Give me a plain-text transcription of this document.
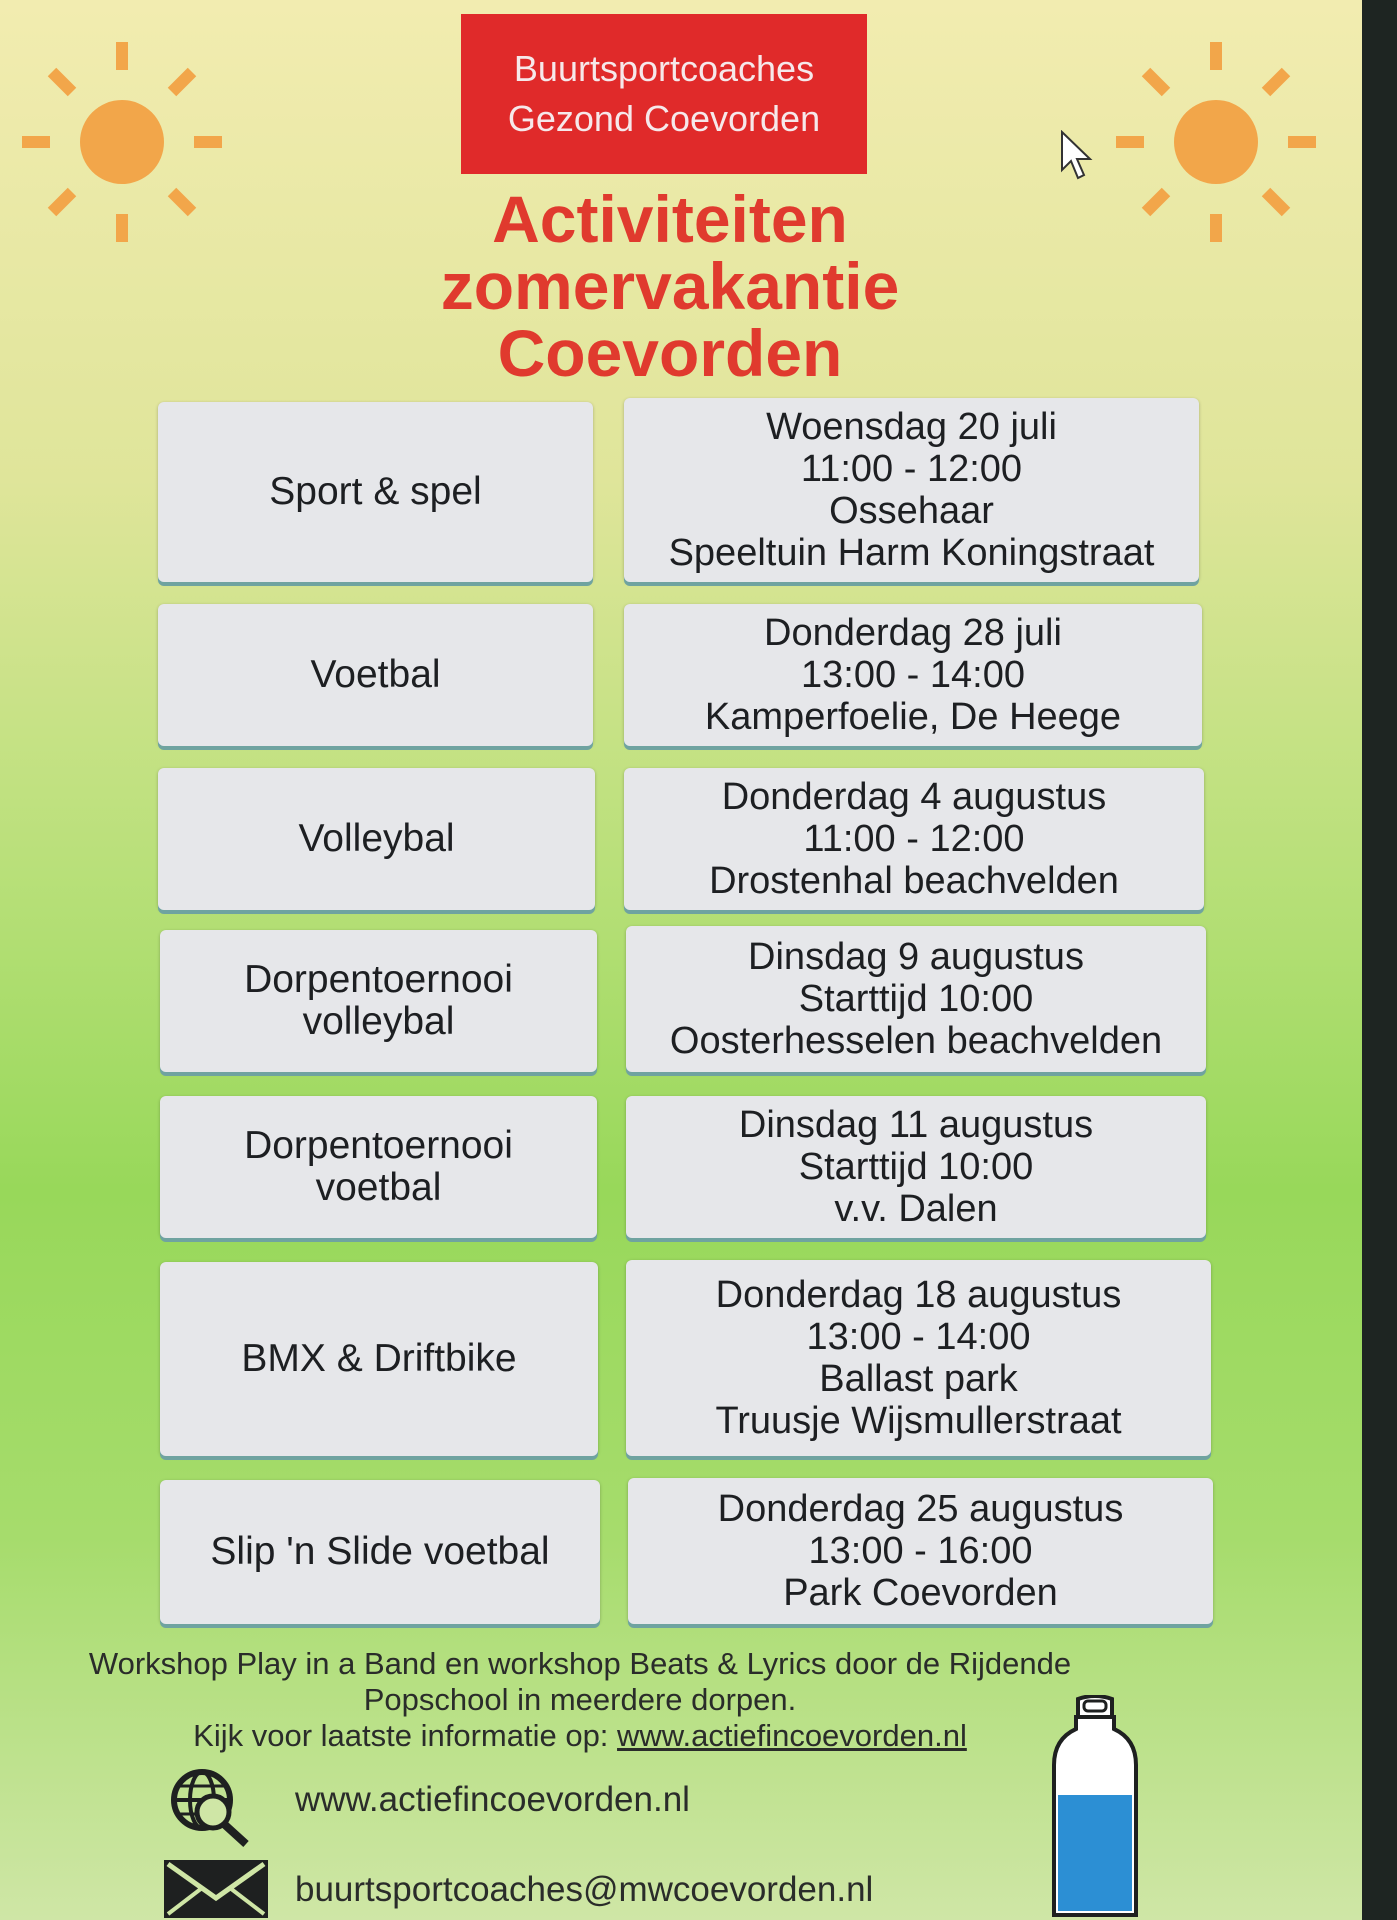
Buurtsportcoaches
Gezond Coevorden
Activiteiten
zomervakantie
Coevorden
Sport & spel
Woensdag 20 juli
11:00 - 12:00
Ossehaar
Speeltuin Harm Koningstraat
Voetbal
Donderdag 28 juli
13:00 - 14:00
Kamperfoelie, De Heege
Volleybal
Donderdag 4 augustus
11:00 - 12:00
Drostenhal beachvelden
Dorpentoernooi
volleybal
Dinsdag 9 augustus
Starttijd 10:00
Oosterhesselen beachvelden
Dorpentoernooi
voetbal
Dinsdag 11 augustus
Starttijd 10:00
v.v. Dalen
BMX & Driftbike
Donderdag 18 augustus
13:00 - 14:00
Ballast park
Truusje Wijsmullerstraat
Slip 'n Slide voetbal
Donderdag 25 augustus
13:00 - 16:00
Park Coevorden
Workshop Play in a Band en workshop Beats & Lyrics door de Rijdende
Popschool in meerdere dorpen.
Kijk voor laatste informatie op: www.actiefincoevorden.nl
www.actiefincoevorden.nl
buurtsportcoaches@mwcoevorden.nl
